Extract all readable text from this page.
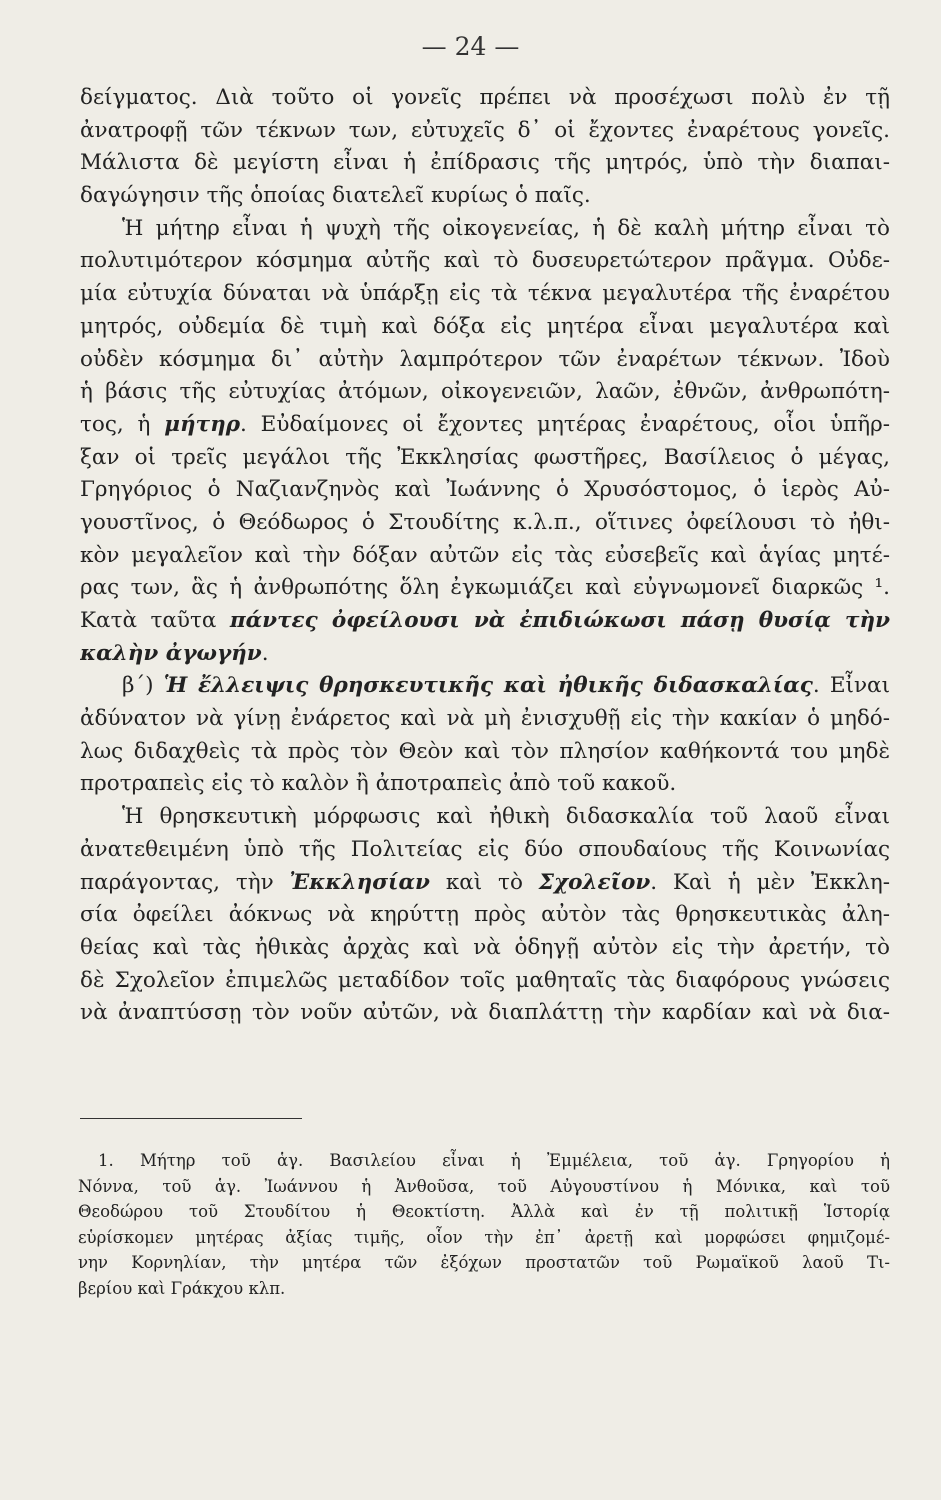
— 24 —
δείγματος. Διὰ τοῦτο οἱ γονεῖς πρέπει νὰ προσέχωσι πολὺ ἐν τῇ
ἀνατροφῇ τῶν τέκνων των, εὐτυχεῖς δ᾽ οἱ ἔχοντες ἐναρέτους γονεῖς.
Μάλιστα δὲ μεγίστη εἶναι ἡ ἐπίδρασις τῆς μητρός, ὑπὸ τὴν διαπαι-
δαγώγησιν τῆς ὁποίας διατελεῖ κυρίως ὁ παῖς.
Ἡ μήτηρ εἶναι ἡ ψυχὴ τῆς οἰκογενείας, ἡ δὲ καλὴ μήτηρ εἶναι τὸ
πολυτιμότερον κόσμημα αὐτῆς καὶ τὸ δυσευρετώτερον πρᾶγμα. Οὐδε-
μία εὐτυχία δύναται νὰ ὑπάρξῃ εἰς τὰ τέκνα μεγαλυτέρα τῆς ἐναρέτου
μητρός, οὐδεμία δὲ τιμὴ καὶ δόξα εἰς μητέρα εἶναι μεγαλυτέρα καὶ
οὐδὲν κόσμημα δι᾽ αὐτὴν λαμπρότερον τῶν ἐναρέτων τέκνων. Ἰδοὺ
ἡ βάσις τῆς εὐτυχίας ἀτόμων, οἰκογενειῶν, λαῶν, ἐθνῶν, ἀνθρωπότη-
τος, ἡ μήτηρ. Εὐδαίμονες οἱ ἔχοντες μητέρας ἐναρέτους, οἷοι ὑπῆρ-
ξαν οἱ τρεῖς μεγάλοι τῆς Ἐκκλησίας φωστῆρες, Βασίλειος ὁ μέγας,
Γρηγόριος ὁ Ναζιανζηνὸς καὶ Ἰωάννης ὁ Χρυσόστομος, ὁ ἱερὸς Αὐ-
γουστῖνος, ὁ Θεόδωρος ὁ Στουδίτης κ.λ.π., οἵτινες ὀφείλουσι τὸ ἠθι-
κὸν μεγαλεῖον καὶ τὴν δόξαν αὐτῶν εἰς τὰς εὐσεβεῖς καὶ ἁγίας μητέ-
ρας των, ἃς ἡ ἀνθρωπότης ὅλη ἐγκωμιάζει καὶ εὐγνωμονεῖ διαρκῶς ¹.
Κατὰ ταῦτα πάντες ὀφείλουσι νὰ ἐπιδιώκωσι πάσῃ θυσίᾳ τὴν
καλὴν ἀγωγήν.
β´) Ἡ ἔλλειψις θρησκευτικῆς καὶ ἠθικῆς διδασκαλίας. Εἶναι
ἀδύνατον νὰ γίνῃ ἐνάρετος καὶ νὰ μὴ ἐνισχυθῇ εἰς τὴν κακίαν ὁ μηδό-
λως διδαχθεὶς τὰ πρὸς τὸν Θεὸν καὶ τὸν πλησίον καθήκοντά του μηδὲ
προτραπεὶς εἰς τὸ καλὸν ἢ ἀποτραπεὶς ἀπὸ τοῦ κακοῦ.
Ἡ θρησκευτικὴ μόρφωσις καὶ ἠθικὴ διδασκαλία τοῦ λαοῦ εἶναι
ἀνατεθειμένη ὑπὸ τῆς Πολιτείας εἰς δύο σπουδαίους τῆς Κοινωνίας
παράγοντας, τὴν Ἐκκλησίαν καὶ τὸ Σχολεῖον. Καὶ ἡ μὲν Ἐκκλη-
σία ὀφείλει ἀόκνως νὰ κηρύττῃ πρὸς αὐτὸν τὰς θρησκευτικὰς ἀλη-
θείας καὶ τὰς ἠθικὰς ἀρχὰς καὶ νὰ ὁδηγῇ αὐτὸν εἰς τὴν ἀρετήν, τὸ
δὲ Σχολεῖον ἐπιμελῶς μεταδίδον τοῖς μαθηταῖς τὰς διαφόρους γνώσεις
νὰ ἀναπτύσσῃ τὸν νοῦν αὐτῶν, νὰ διαπλάττῃ τὴν καρδίαν καὶ νὰ δια-
1. Μήτηρ τοῦ ἁγ. Βασιλείου εἶναι ἡ Ἐμμέλεια, τοῦ ἁγ. Γρηγορίου ἡ
Νόννα, τοῦ ἁγ. Ἰωάννου ἡ Ἀνθοῦσα, τοῦ Αὐγουστίνου ἡ Μόνικα, καὶ τοῦ
Θεοδώρου τοῦ Στουδίτου ἡ Θεοκτίστη. Ἀλλὰ καὶ ἐν τῇ πολιτικῇ Ἱστορίᾳ
εὑρίσκομεν μητέρας ἀξίας τιμῆς, οἷον τὴν ἐπ᾽ ἀρετῇ καὶ μορφώσει φημιζομέ-
νην Κορνηλίαν, τὴν μητέρα τῶν ἐξόχων προστατῶν τοῦ Ρωμαϊκοῦ λαοῦ Τι-
βερίου καὶ Γράκχου κλπ.
